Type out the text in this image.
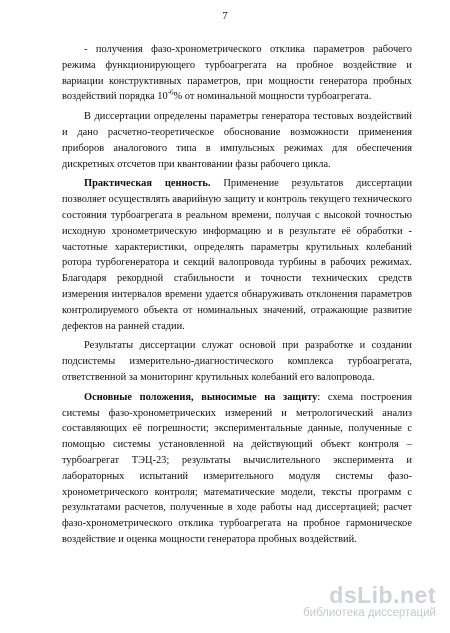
7

- получения фазо-хронометрического отклика параметров рабочего режима функционирующего турбоагрегата на пробное воздействие и вариации конструктивных параметров, при мощности генератора пробных воздействий порядка $10^{-6}\%$ от номинальной мощности турбоагрегата.

В диссертации определены параметры генератора тестовых воздействий и дано расчетно-теоретическое обоснование возможности применения приборов аналогового типа в импульсных режимах для обеспечения дискретных отсчетов при квантовании фазы рабочего цикла.

Практическая ценность. Применение результатов диссертации позволяет осуществлять аварийную защиту и контроль текущего технического состояния турбоагрегата в реальном времени, получая с высокой точностью исходную хронометрическую информацию и в результате её обработки - частотные характеристики, определять параметры крутильных колебаний ротора турбогенератора и секций валопровода турбины в рабочих режимах. Благодаря рекордной стабильности и точности технических средств измерения интервалов времени удается обнаруживать отклонения параметров контролируемого объекта от номинальных значений, отражающие развитие дефектов на ранней стадии.

Результаты диссертации служат основой при разработке и создании подсистемы измерительно-диагностического комплекса турбоагрегата, ответственной за мониторинг крутильных колебаний его валопровода.

Основные положения, выносимые на защиту: схема построения системы фазо-хронометрических измерений и метрологический анализ составляющих её погрешности; экспериментальные данные, полученные с помощью системы установленной на действующий объект контроля – турбоагрегат ТЭЦ-23; результаты вычислительного эксперимента и лабораторных испытаний измерительного модуля системы фазо-хронометрического контроля; математические модели, тексты программ с результатами расчетов, полученные в ходе работы над диссертацией; расчет фазо-хронометрического отклика турбоагрегата на пробное гармоническое воздействие и оценка мощности генератора пробных воздействий.

dsLib.net
библиотека диссертаций
